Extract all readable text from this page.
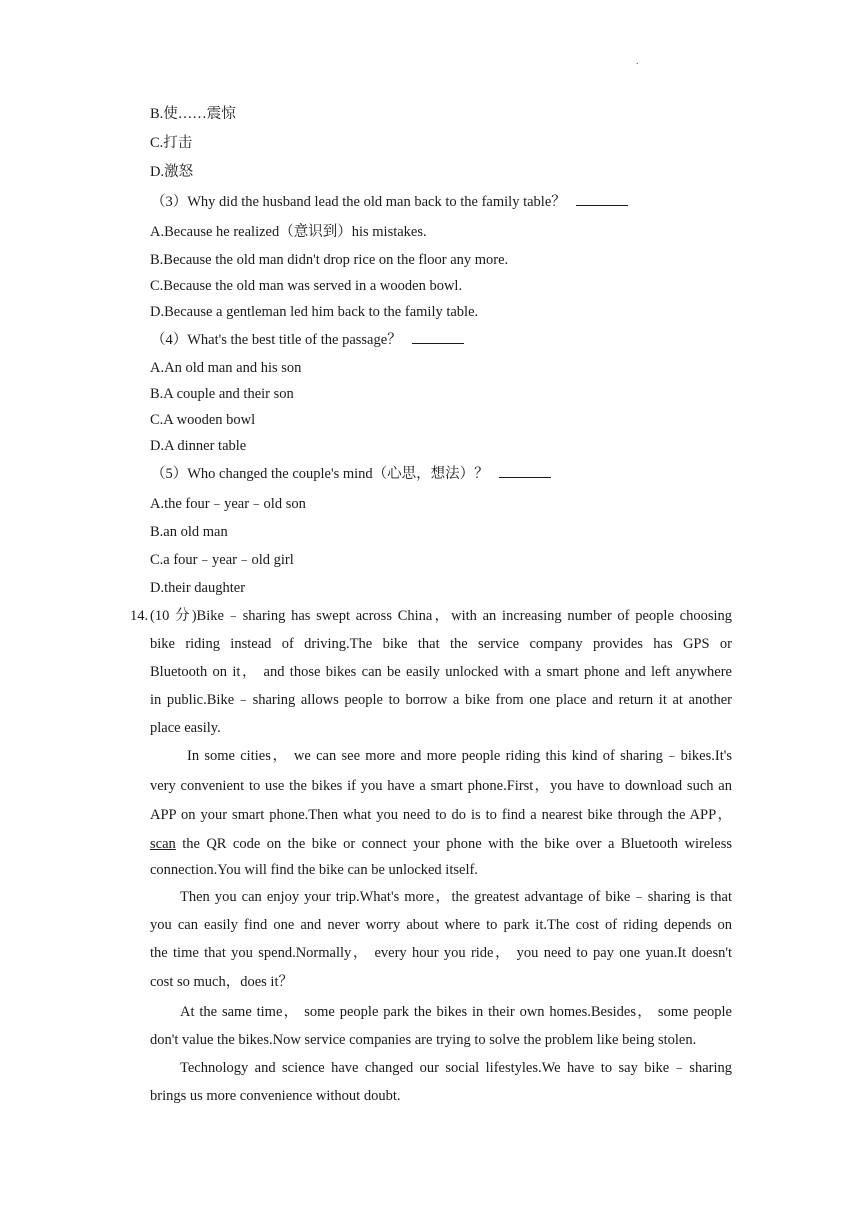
.
B.使……震惊
C.打击
D.激怒
（3）Why did the husband lead the old man back to the family table？
A.Because he realized（意识到）his mistakes.
B.Because the old man didn't drop rice on the floor any more.
C.Because the old man was served in a wooden bowl.
D.Because a gentleman led him back to the family table.
（4）What's the best title of the passage？
A.An old man and his son
B.A couple and their son
C.A wooden bowl
D.A dinner table
（5）Who changed the couple's mind（心思，想法）？
A.the four﹣year﹣old son
B.an old man
C.a four﹣year﹣old girl
D.their daughter
14. (10 分)Bike﹣sharing has swept across China，with an increasing number of people choosing
bike riding instead of driving.The bike that the service company provides has GPS or
Bluetooth on it， and those bikes can be easily unlocked with a smart phone and left anywhere
in public.Bike﹣sharing allows people to borrow a bike from one place and return it at another
place easily.
In some cities， we can see more and more people riding this kind of sharing﹣bikes.It's
very convenient to use the bikes if you have a smart phone.First，you have to download such an
APP on your smart phone.Then what you need to do is to find a nearest bike through the APP，
scan the QR code on the bike or connect your phone with the bike over a Bluetooth wireless
connection.You will find the bike can be unlocked itself.
Then you can enjoy your trip.What's more，the greatest advantage of bike﹣sharing is that
you can easily find one and never worry about where to park it.The cost of riding depends on
the time that you spend.Normally， every hour you ride， you need to pay one yuan.It doesn't
cost so much，does it？
At the same time， some people park the bikes in their own homes.Besides， some people
don't value the bikes.Now service companies are trying to solve the problem like being stolen.
Technology and science have changed our social lifestyles.We have to say bike﹣sharing
brings us more convenience without doubt.
